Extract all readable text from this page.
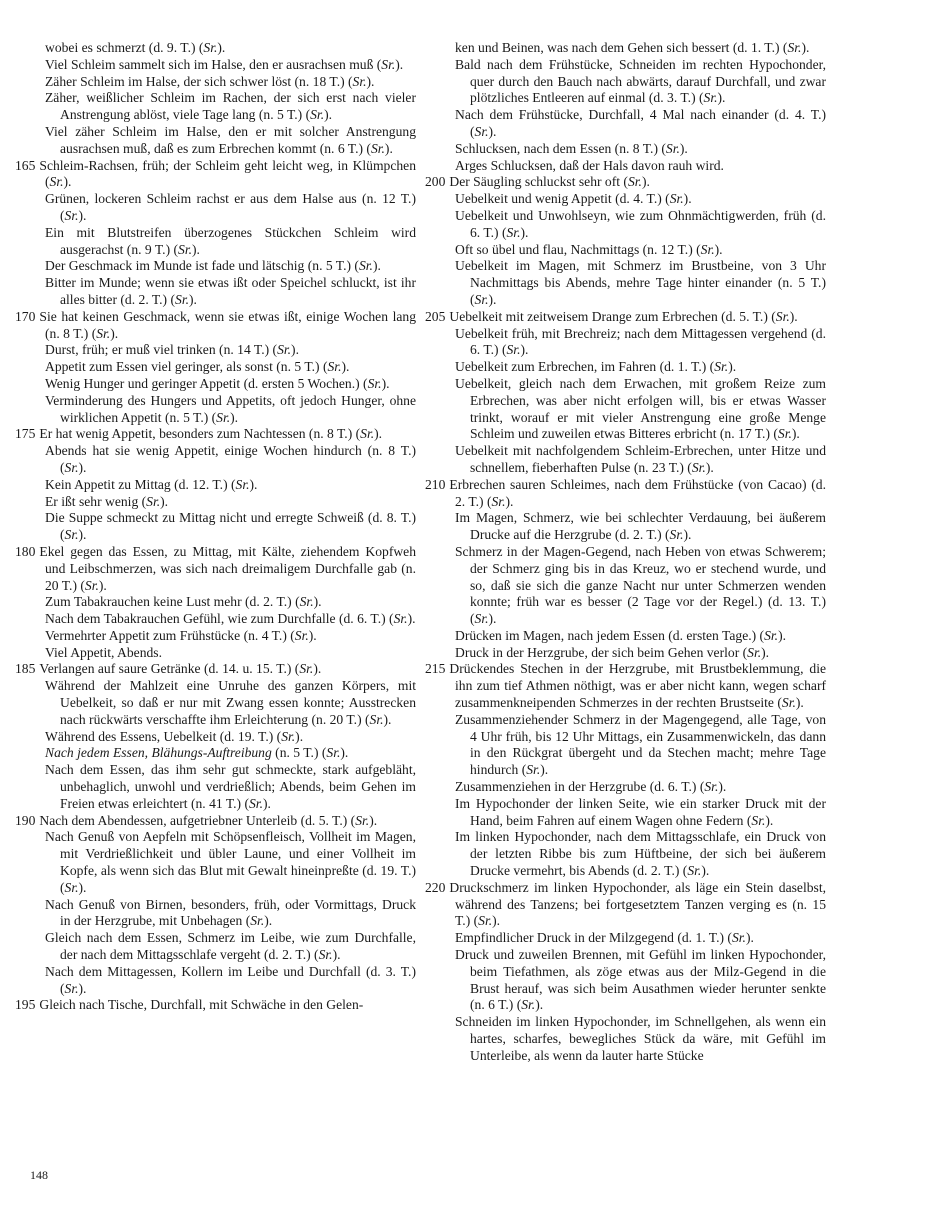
wobei es schmerzt (d. 9. T.) (Sr.).

Viel Schleim sammelt sich im Halse, den er ausrachsen muß (Sr.).

Zäher Schleim im Halse, der sich schwer löst (n. 18 T.) (Sr.).

Zäher, weißlicher Schleim im Rachen, der sich erst nach vieler Anstrengung ablöst, viele Tage lang (n. 5 T.) (Sr.).

Viel zäher Schleim im Halse, den er mit solcher Anstrengung ausrachsen muß, daß es zum Erbrechen kommt (n. 6 T.) (Sr.).

165 Schleim-Rachsen, früh; der Schleim geht leicht weg, in Klümpchen (Sr.).

Grünen, lockeren Schleim rachst er aus dem Halse aus (n. 12 T.) (Sr.).

Ein mit Blutstreifen überzogenes Stückchen Schleim wird ausgerachst (n. 9 T.) (Sr.).

Der Geschmack im Munde ist fade und lätschig (n. 5 T.) (Sr.).

Bitter im Munde; wenn sie etwas ißt oder Speichel schluckt, ist ihr alles bitter (d. 2. T.) (Sr.).

170 Sie hat keinen Geschmack, wenn sie etwas ißt, einige Wochen lang (n. 8 T.) (Sr.).

Durst, früh; er muß viel trinken (n. 14 T.) (Sr.).

Appetit zum Essen viel geringer, als sonst (n. 5 T.) (Sr.).

Wenig Hunger und geringer Appetit (d. ersten 5 Wochen.) (Sr.).

Verminderung des Hungers und Appetits, oft jedoch Hunger, ohne wirklichen Appetit (n. 5 T.) (Sr.).

175 Er hat wenig Appetit, besonders zum Nachtessen (n. 8 T.) (Sr.).

Abends hat sie wenig Appetit, einige Wochen hindurch (n. 8 T.) (Sr.).

Kein Appetit zu Mittag (d. 12. T.) (Sr.).

Er ißt sehr wenig (Sr.).

Die Suppe schmeckt zu Mittag nicht und erregte Schweiß (d. 8. T.) (Sr.).

180 Ekel gegen das Essen, zu Mittag, mit Kälte, ziehendem Kopfweh und Leibschmerzen, was sich nach dreimaligem Durchfalle gab (n. 20 T.) (Sr.).

Zum Tabakrauchen keine Lust mehr (d. 2. T.) (Sr.).

Nach dem Tabakrauchen Gefühl, wie zum Durchfalle (d. 6. T.) (Sr.).

Vermehrter Appetit zum Frühstücke (n. 4 T.) (Sr.).

Viel Appetit, Abends.

185 Verlangen auf saure Getränke (d. 14. u. 15. T.) (Sr.).

Während der Mahlzeit eine Unruhe des ganzen Körpers, mit Uebelkeit, so daß er nur mit Zwang essen konnte; Ausstrecken nach rückwärts verschaffte ihm Erleichterung (n. 20 T.) (Sr.).

Während des Essens, Uebelkeit (d. 19. T.) (Sr.).

Nach jedem Essen, Blähungs-Auftreibung (n. 5 T.) (Sr.).

Nach dem Essen, das ihm sehr gut schmeckte, stark aufgebläht, unbehaglich, unwohl und verdrießlich; Abends, beim Gehen im Freien etwas erleichtert (n. 41 T.) (Sr.).

190 Nach dem Abendessen, aufgetriebner Unterleib (d. 5. T.) (Sr.).

Nach Genuß von Aepfeln mit Schöpsenfleisch, Vollheit im Magen, mit Verdrießlichkeit und übler Laune, und einer Vollheit im Kopfe, als wenn sich das Blut mit Gewalt hineinpreßte (d. 19. T.) (Sr.).

Nach Genuß von Birnen, besonders, früh, oder Vormittags, Druck in der Herzgrube, mit Unbehagen (Sr.).

Gleich nach dem Essen, Schmerz im Leibe, wie zum Durchfalle, der nach dem Mittagsschlafe vergeht (d. 2. T.) (Sr.).

Nach dem Mittagessen, Kollern im Leibe und Durchfall (d. 3. T.) (Sr.).

195 Gleich nach Tische, Durchfall, mit Schwäche in den Gelen-

ken und Beinen, was nach dem Gehen sich bessert (d. 1. T.) (Sr.).

Bald nach dem Frühstücke, Schneiden im rechten Hypochonder, quer durch den Bauch nach abwärts, darauf Durchfall, und zwar plötzliches Entleeren auf einmal (d. 3. T.) (Sr.).

Nach dem Frühstücke, Durchfall, 4 Mal nach einander (d. 4. T.) (Sr.).

Schlucksen, nach dem Essen (n. 8 T.) (Sr.).

Arges Schlucksen, daß der Hals davon rauh wird.

200 Der Säugling schluckst sehr oft (Sr.).

Uebelkeit und wenig Appetit (d. 4. T.) (Sr.).

Uebelkeit und Unwohlseyn, wie zum Ohnmächtigwerden, früh (d. 6. T.) (Sr.).

Oft so übel und flau, Nachmittags (n. 12 T.) (Sr.).

Uebelkeit im Magen, mit Schmerz im Brustbeine, von 3 Uhr Nachmittags bis Abends, mehre Tage hinter einander (n. 5 T.) (Sr.).

205 Uebelkeit mit zeitweisem Drange zum Erbrechen (d. 5. T.) (Sr.).

Uebelkeit früh, mit Brechreiz; nach dem Mittagessen vergehend (d. 6. T.) (Sr.).

Uebelkeit zum Erbrechen, im Fahren (d. 1. T.) (Sr.).

Uebelkeit, gleich nach dem Erwachen, mit großem Reize zum Erbrechen, was aber nicht erfolgen will, bis er etwas Wasser trinkt, worauf er mit vieler Anstrengung eine große Menge Schleim und zuweilen etwas Bitteres erbricht (n. 17 T.) (Sr.).

Uebelkeit mit nachfolgendem Schleim-Erbrechen, unter Hitze und schnellem, fieberhaften Pulse (n. 23 T.) (Sr.).

210 Erbrechen sauren Schleimes, nach dem Frühstücke (von Cacao) (d. 2. T.) (Sr.).

Im Magen, Schmerz, wie bei schlechter Verdauung, bei äußerem Drucke auf die Herzgrube (d. 2. T.) (Sr.).

Schmerz in der Magen-Gegend, nach Heben von etwas Schwerem; der Schmerz ging bis in das Kreuz, wo er stechend wurde, und so, daß sie sich die ganze Nacht nur unter Schmerzen wenden konnte; früh war es besser (2 Tage vor der Regel.) (d. 13. T.) (Sr.).

Drücken im Magen, nach jedem Essen (d. ersten Tage.) (Sr.).

Druck in der Herzgrube, der sich beim Gehen verlor (Sr.).

215 Drückendes Stechen in der Herzgrube, mit Brustbeklemmung, die ihn zum tief Athmen nöthigt, was er aber nicht kann, wegen scharf zusammenkneipenden Schmerzes in der rechten Brustseite (Sr.).

Zusammenziehender Schmerz in der Magengegend, alle Tage, von 4 Uhr früh, bis 12 Uhr Mittags, ein Zusammenwickeln, das dann in den Rückgrat übergeht und da Stechen macht; mehre Tage hindurch (Sr.).

Zusammenziehen in der Herzgrube (d. 6. T.) (Sr.).

Im Hypochonder der linken Seite, wie ein starker Druck mit der Hand, beim Fahren auf einem Wagen ohne Federn (Sr.).

Im linken Hypochonder, nach dem Mittagsschlafe, ein Druck von der letzten Ribbe bis zum Hüftbeine, der sich bei äußerem Drucke vermehrt, bis Abends (d. 2. T.) (Sr.).

220 Druckschmerz im linken Hypochonder, als läge ein Stein daselbst, während des Tanzens; bei fortgesetztem Tanzen verging es (n. 15 T.) (Sr.).

Empfindlicher Druck in der Milzgegend (d. 1. T.) (Sr.).

Druck und zuweilen Brennen, mit Gefühl im linken Hypochonder, beim Tiefathmen, als zöge etwas aus der Milz-Gegend in die Brust herauf, was sich beim Ausathmen wieder herunter senkte (n. 6 T.) (Sr.).

Schneiden im linken Hypochonder, im Schnellgehen, als wenn ein hartes, scharfes, bewegliches Stück da wäre, mit Gefühl im Unterleibe, als wenn da lauter harte Stücke

148
